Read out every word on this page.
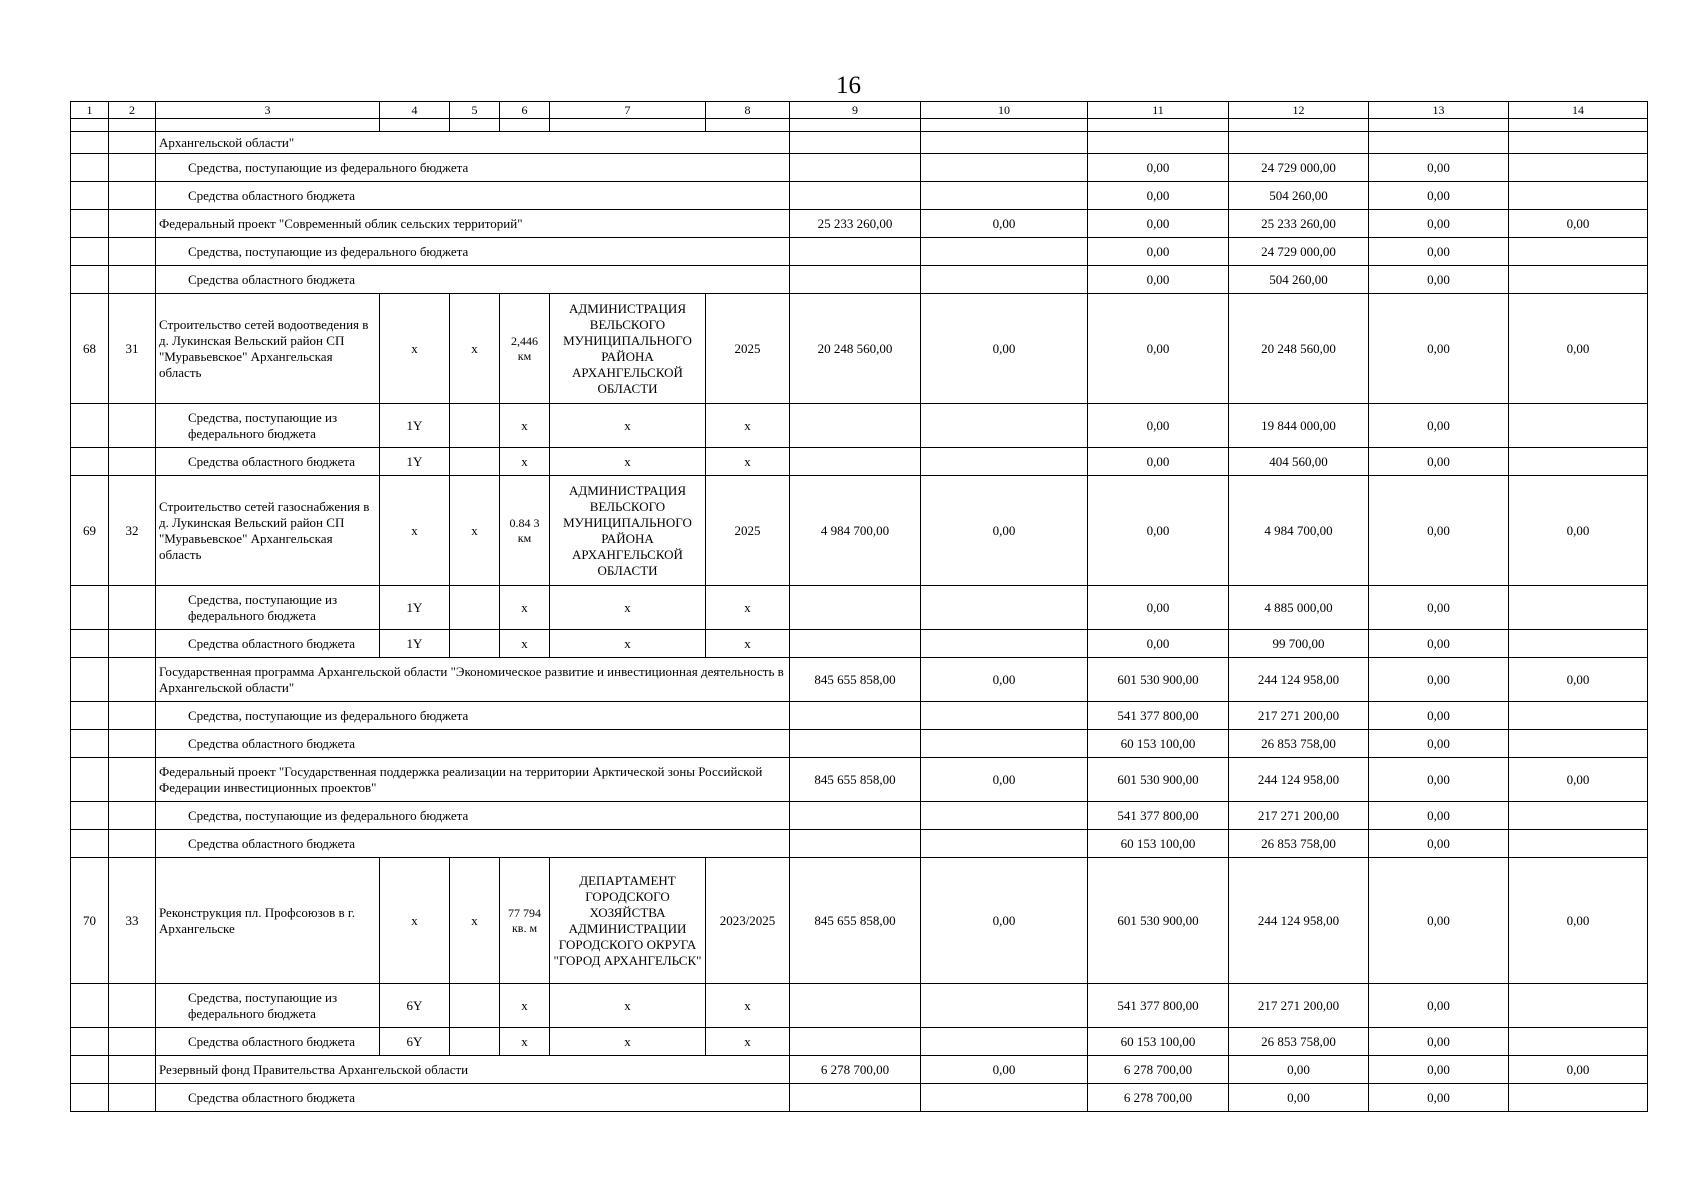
16
1	2	3	4	5	6	7	8	9	10	11	12	13	14

		Архангельской области"											
		Средства, поступающие из федерального бюджета								0,00	24 729 000,00	0,00	
		Средства областного бюджета								0,00	504 260,00	0,00	
		Федеральный проект "Современный облик сельских территорий"						25 233 260,00	0,00	0,00	25 233 260,00	0,00	0,00
		Средства, поступающие из федерального бюджета								0,00	24 729 000,00	0,00	
		Средства областного бюджета								0,00	504 260,00	0,00	
68	31	Строительство сетей водоотведения в д. Лукинская Вельский район СП "Муравьевское" Архангельская область	x	x	2,446 км	АДМИНИСТРАЦИЯ ВЕЛЬСКОГО МУНИЦИПАЛЬНОГО РАЙОНА АРХАНГЕЛЬСКОЙ ОБЛАСТИ	2025	20 248 560,00	0,00	0,00	20 248 560,00	0,00	0,00
		Средства, поступающие из федерального бюджета	1Y		x	x	x			0,00	19 844 000,00	0,00	
		Средства областного бюджета	1Y		x	x	x			0,00	404 560,00	0,00	
69	32	Строительство сетей газоснабжения в д. Лукинская Вельский район СП "Муравьевское" Архангельская область	x	x	0.84 3 км	АДМИНИСТРАЦИЯ ВЕЛЬСКОГО МУНИЦИПАЛЬНОГО РАЙОНА АРХАНГЕЛЬСКОЙ ОБЛАСТИ	2025	4 984 700,00	0,00	0,00	4 984 700,00	0,00	0,00
		Средства, поступающие из федерального бюджета	1Y		x	x	x			0,00	4 885 000,00	0,00	
		Средства областного бюджета	1Y		x	x	x			0,00	99 700,00	0,00	
		Государственная программа Архангельской области "Экономическое развитие и инвестиционная деятельность в Архангельской области"						845 655 858,00	0,00	601 530 900,00	244 124 958,00	0,00	0,00
		Средства, поступающие из федерального бюджета								541 377 800,00	217 271 200,00	0,00	
		Средства областного бюджета								60 153 100,00	26 853 758,00	0,00	
		Федеральный проект "Государственная поддержка реализации на территории Арктической зоны Российской Федерации инвестиционных проектов"						845 655 858,00	0,00	601 530 900,00	244 124 958,00	0,00	0,00
		Средства, поступающие из федерального бюджета								541 377 800,00	217 271 200,00	0,00	
		Средства областного бюджета								60 153 100,00	26 853 758,00	0,00	
70	33	Реконструкция пл. Профсоюзов в г. Архангельске	x	x	77 794 кв. м	ДЕПАРТАМЕНТ ГОРОДСКОГО ХОЗЯЙСТВА АДМИНИСТРАЦИИ ГОРОДСКОГО ОКРУГА "ГОРОД АРХАНГЕЛЬСК"	2023/2025	845 655 858,00	0,00	601 530 900,00	244 124 958,00	0,00	0,00
		Средства, поступающие из федерального бюджета	6Y		x	x	x			541 377 800,00	217 271 200,00	0,00	
		Средства областного бюджета	6Y		x	x	x			60 153 100,00	26 853 758,00	0,00	
		Резервный фонд Правительства Архангельской области						6 278 700,00	0,00	6 278 700,00	0,00	0,00	0,00
		Средства областного бюджета								6 278 700,00	0,00	0,00	
